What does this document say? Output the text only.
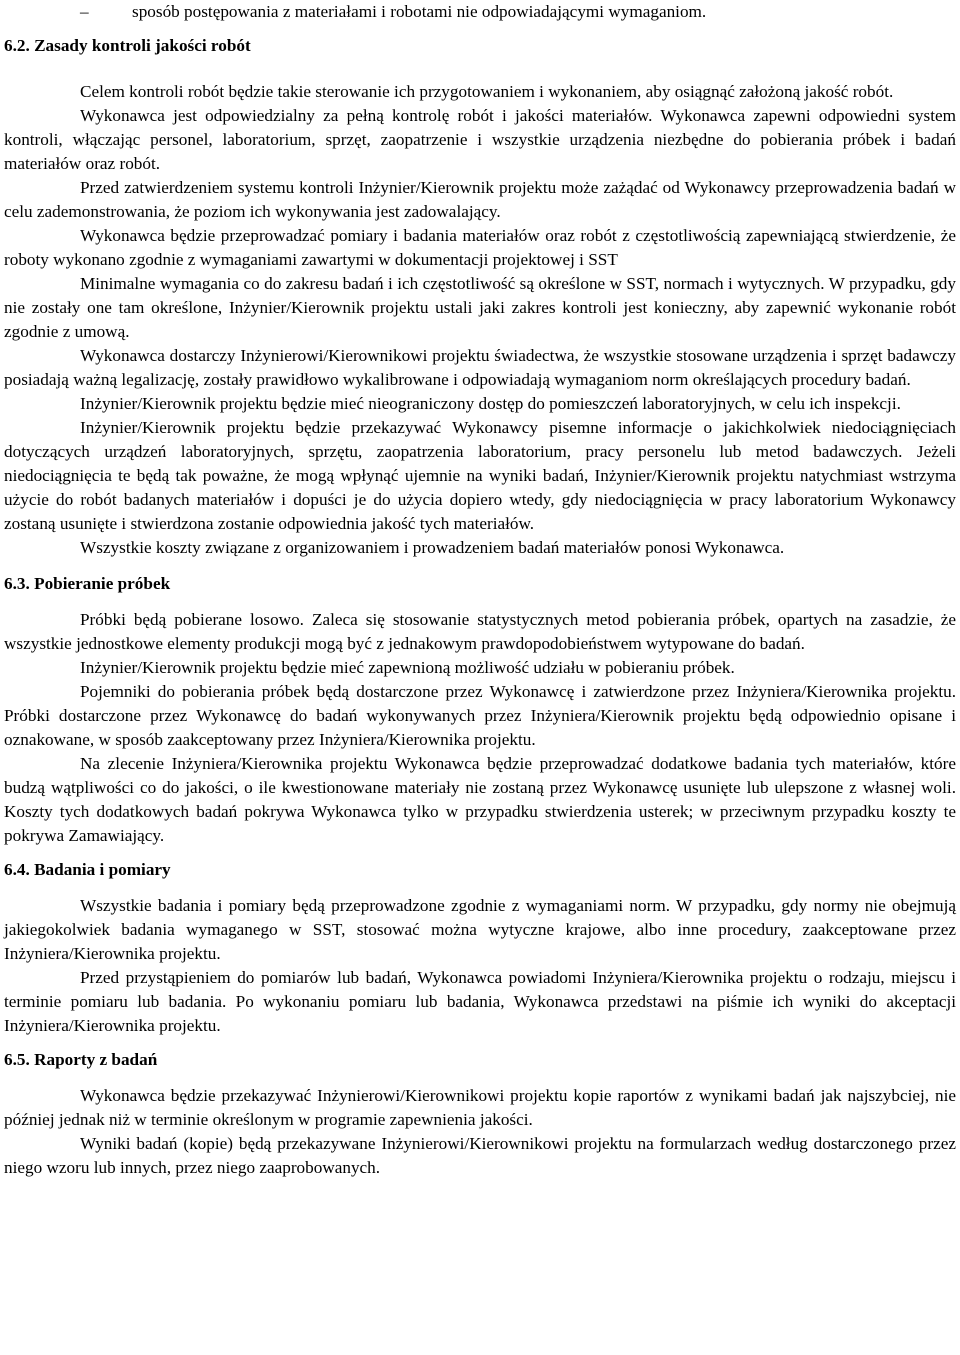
–	sposób postępowania z materiałami i robotami nie odpowiadającymi wymaganiom.
6.2. Zasady kontroli jakości robót

Celem kontroli robót będzie takie sterowanie ich przygotowaniem i wykonaniem, aby osiągnąć założoną jakość robót.

Wykonawca jest odpowiedzialny za pełną kontrolę robót i jakości materiałów. Wykonawca zapewni odpowiedni system kontroli, włączając personel, laboratorium, sprzęt, zaopatrzenie i wszystkie urządzenia niezbędne do pobierania próbek i badań materiałów oraz robót.

Przed zatwierdzeniem systemu kontroli Inżynier/Kierownik projektu może zażądać od Wykonawcy przeprowadzenia badań w celu zademonstrowania, że poziom ich wykonywania jest zadowalający.

Wykonawca będzie przeprowadzać pomiary i badania materiałów oraz robót z częstotliwością zapewniającą stwierdzenie, że roboty wykonano zgodnie z wymaganiami zawartymi w dokumentacji projektowej i SST

Minimalne wymagania co do zakresu badań i ich częstotliwość są określone w SST, normach i wytycznych. W przypadku, gdy nie zostały one tam określone, Inżynier/Kierownik projektu ustali jaki zakres kontroli jest konieczny, aby zapewnić wykonanie robót zgodnie z umową.

Wykonawca dostarczy Inżynierowi/Kierownikowi projektu świadectwa, że wszystkie stosowane urządzenia i sprzęt badawczy posiadają ważną legalizację, zostały prawidłowo wykalibrowane i odpowiadają wymaganiom norm określających procedury badań.

Inżynier/Kierownik projektu będzie mieć nieograniczony dostęp do pomieszczeń laboratoryjnych, w celu ich inspekcji.

Inżynier/Kierownik projektu będzie przekazywać Wykonawcy pisemne informacje o jakichkolwiek niedociągnięciach dotyczących urządzeń laboratoryjnych, sprzętu, zaopatrzenia laboratorium, pracy personelu lub metod badawczych. Jeżeli niedociągnięcia te będą tak poważne, że mogą wpłynąć ujemnie na wyniki badań, Inżynier/Kierownik projektu natychmiast wstrzyma użycie do robót badanych materiałów i dopuści je do użycia dopiero wtedy, gdy niedociągnięcia w pracy laboratorium Wykonawcy zostaną usunięte i stwierdzona zostanie odpowiednia jakość tych materiałów.

Wszystkie koszty związane z organizowaniem i prowadzeniem badań materiałów ponosi Wykonawca.

6.3. Pobieranie próbek

Próbki będą pobierane losowo. Zaleca się stosowanie statystycznych metod pobierania próbek, opartych na zasadzie, że wszystkie jednostkowe elementy produkcji mogą być z jednakowym prawdopodobieństwem wytypowane do badań.

Inżynier/Kierownik projektu będzie mieć zapewnioną możliwość udziału w pobieraniu próbek.

Pojemniki do pobierania próbek będą dostarczone przez Wykonawcę i zatwierdzone przez Inżyniera/Kierownika projektu. Próbki dostarczone przez Wykonawcę do badań wykonywanych przez Inżyniera/Kierownik projektu będą odpowiednio opisane i oznakowane, w sposób zaakceptowany przez Inżyniera/Kierownika projektu.

Na zlecenie Inżyniera/Kierownika projektu Wykonawca będzie przeprowadzać dodatkowe badania tych materiałów, które budzą wątpliwości co do jakości, o ile kwestionowane materiały nie zostaną przez Wykonawcę usunięte lub ulepszone z własnej woli. Koszty tych dodatkowych badań pokrywa Wykonawca tylko w przypadku stwierdzenia usterek; w przeciwnym przypadku koszty te pokrywa Zamawiający.

6.4. Badania i pomiary

Wszystkie badania i pomiary będą przeprowadzone zgodnie z wymaganiami norm. W przypadku, gdy normy nie obejmują jakiegokolwiek badania wymaganego w SST, stosować można wytyczne krajowe, albo inne procedury, zaakceptowane przez Inżyniera/Kierownika projektu.

Przed przystąpieniem do pomiarów lub badań, Wykonawca powiadomi Inżyniera/Kierownika projektu o rodzaju, miejscu i terminie pomiaru lub badania. Po wykonaniu pomiaru lub badania, Wykonawca przedstawi na piśmie ich wyniki do akceptacji Inżyniera/Kierownika projektu.

6.5. Raporty z badań

Wykonawca będzie przekazywać Inżynierowi/Kierownikowi projektu kopie raportów z wynikami badań jak najszybciej, nie później jednak niż w terminie określonym w programie zapewnienia jakości.

Wyniki badań (kopie) będą przekazywane Inżynierowi/Kierownikowi projektu na formularzach według dostarczonego przez niego wzoru lub innych, przez niego zaaprobowanych.
